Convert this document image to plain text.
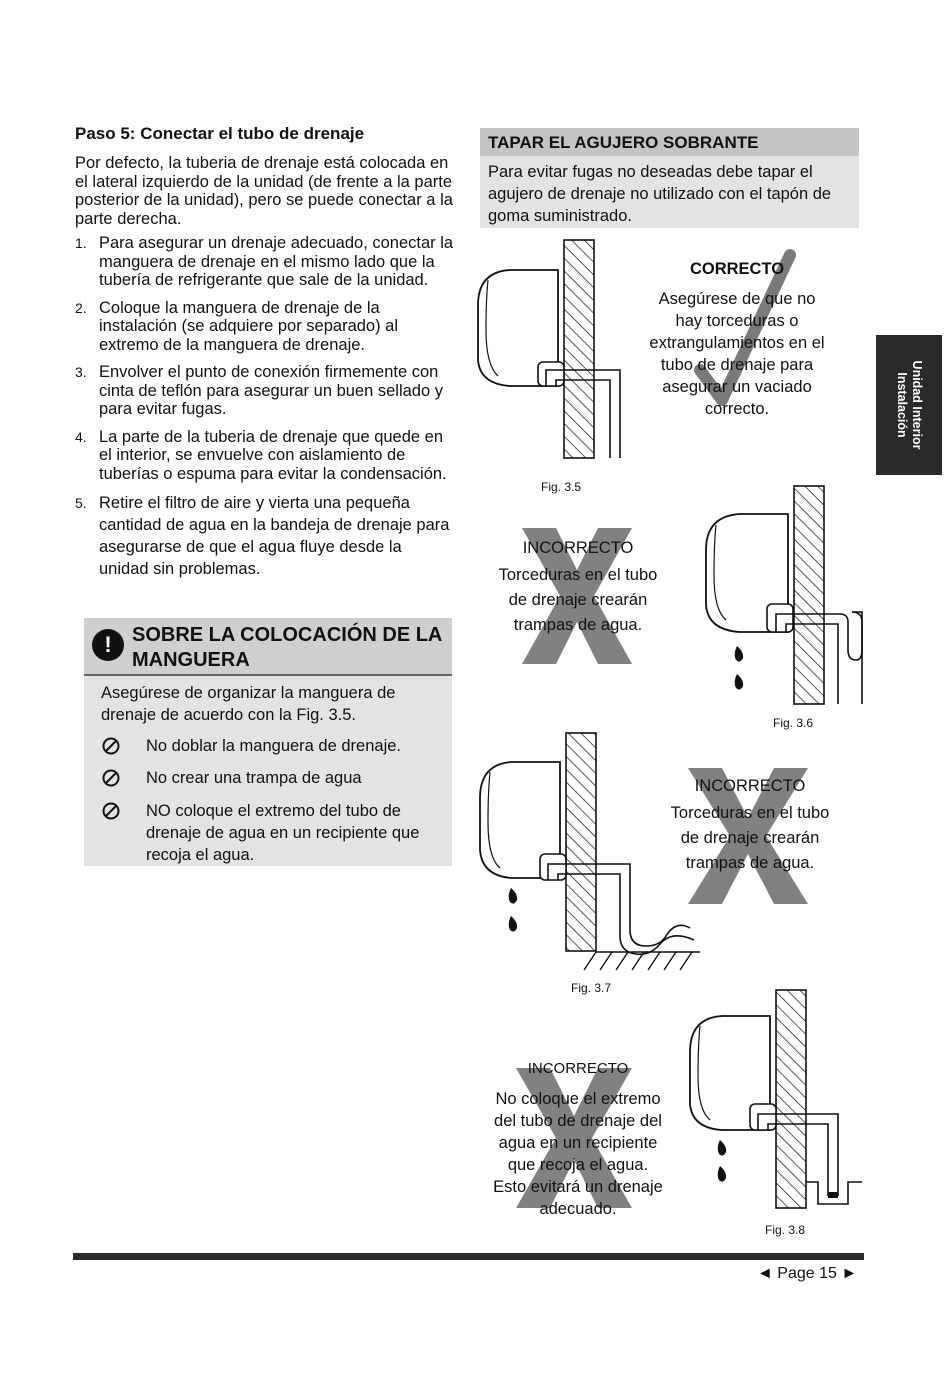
Paso 5: Conectar el tubo de drenaje
Por defecto, la tuberia de drenaje está colocada en el lateral izquierdo de la unidad (de frente a la parte posterior de la unidad), pero se puede conectar a la parte derecha.
1. Para asegurar un drenaje adecuado, conectar la manguera de drenaje en el mismo lado que la tubería de refrigerante que sale de la unidad.
2. Coloque la manguera de drenaje de la instalación (se adquiere por separado) al extremo de la manguera de drenaje.
3. Envolver el punto de conexión firmemente con cinta de teflón para asegurar un buen sellado y para evitar fugas.
4. La parte de la tuberia de drenaje que quede en el interior, se envuelve con aislamiento de tuberías o espuma para evitar la condensación.
5. Retire el filtro de aire y vierta una pequeña cantidad de agua en la bandeja de drenaje para asegurarse de que el agua fluye desde la unidad sin problemas.
!	SOBRE LA COLOCACIÓN DE LA MANGUERA
Asegúrese de organizar la manguera de drenaje de acuerdo con la Fig. 3.5.
No doblar la manguera de drenaje.
No crear una trampa de agua
NO coloque el extremo del tubo de drenaje de agua en un recipiente que recoja el agua.
TAPAR EL AGUJERO SOBRANTE
Para evitar fugas no deseadas debe tapar el agujero de drenaje no utilizado con el tapón de goma suministrado.
Fig. 3.5
CORRECTO
Asegúrese de que no hay torceduras o extrangulamientos en el tubo de drenaje para asegurar un vaciado correcto.
Fig. 3.6
INCORRECTO
Torceduras en el tubo de drenaje crearán trampas de agua.
Fig. 3.7
INCORRECTO
Torceduras en el tubo de drenaje crearán trampas de agua.
Fig. 3.8
INCORRECTO
No coloque el extremo del tubo de drenaje del agua en un recipiente que recoja el agua. Esto evitará un drenaje adecuado.
Unidad Interior
Instalación
◄ Page 15 ►
